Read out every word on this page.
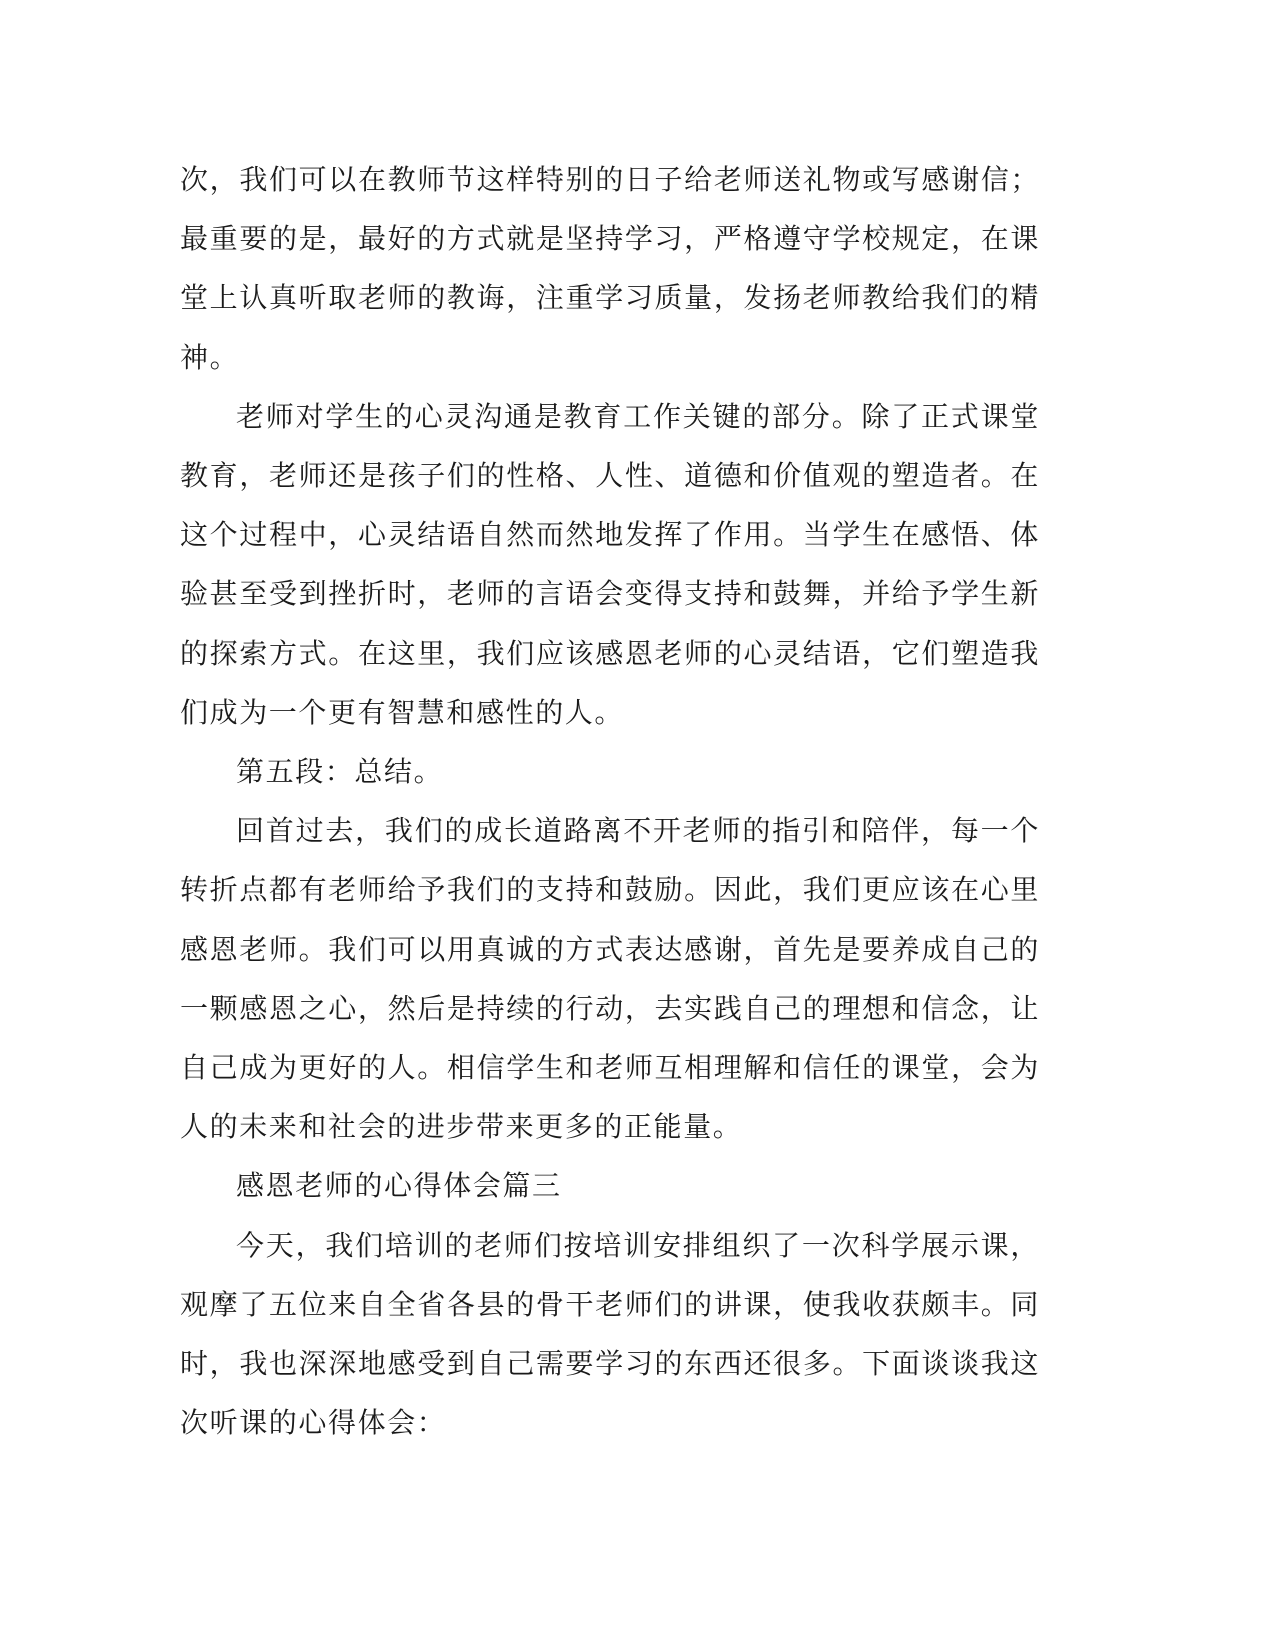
次，我们可以在教师节这样特别的日子给老师送礼物或写感谢信；最重要的是，最好的方式就是坚持学习，严格遵守学校规定，在课堂上认真听取老师的教诲，注重学习质量，发扬老师教给我们的精神。

老师对学生的心灵沟通是教育工作关键的部分。除了正式课堂教育，老师还是孩子们的性格、人性、道德和价值观的塑造者。在这个过程中，心灵结语自然而然地发挥了作用。当学生在感悟、体验甚至受到挫折时，老师的言语会变得支持和鼓舞，并给予学生新的探索方式。在这里，我们应该感恩老师的心灵结语，它们塑造我们成为一个更有智慧和感性的人。

第五段：总结。

回首过去，我们的成长道路离不开老师的指引和陪伴，每一个转折点都有老师给予我们的支持和鼓励。因此，我们更应该在心里感恩老师。我们可以用真诚的方式表达感谢，首先是要养成自己的一颗感恩之心，然后是持续的行动，去实践自己的理想和信念，让自己成为更好的人。相信学生和老师互相理解和信任的课堂，会为人的未来和社会的进步带来更多的正能量。

感恩老师的心得体会篇三

今天，我们培训的老师们按培训安排组织了一次科学展示课，观摩了五位来自全省各县的骨干老师们的讲课，使我收获颇丰。同时，我也深深地感受到自己需要学习的东西还很多。下面谈谈我这次听课的心得体会：
